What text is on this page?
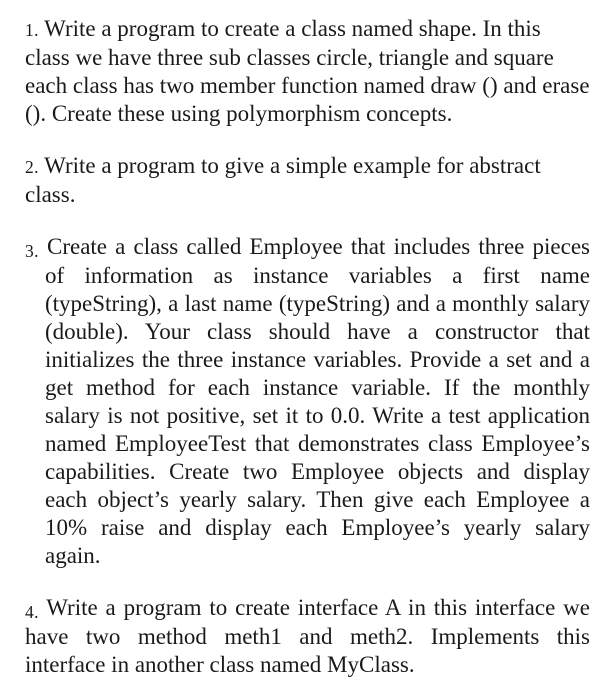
1. Write a program to create a class named shape. In this class we have three sub classes circle, triangle and square each class has two member function named draw () and erase (). Create these using polymorphism concepts.
2. Write a program to give a simple example for abstract class.
3. Create a class called Employee that includes three pieces of information as instance variables a first name (typeString), a last name (typeString) and a monthly salary (double). Your class should have a constructor that initializes the three instance variables. Provide a set and a get method for each instance variable. If the monthly salary is not positive, set it to 0.0. Write a test application named EmployeeTest that demonstrates class Employee’s capabilities. Create two Employee objects and display each object’s yearly salary. Then give each Employee a 10% raise and display each Employee’s yearly salary again.
4. Write a program to create interface A in this interface we have two method meth1 and meth2. Implements this interface in another class named MyClass.
